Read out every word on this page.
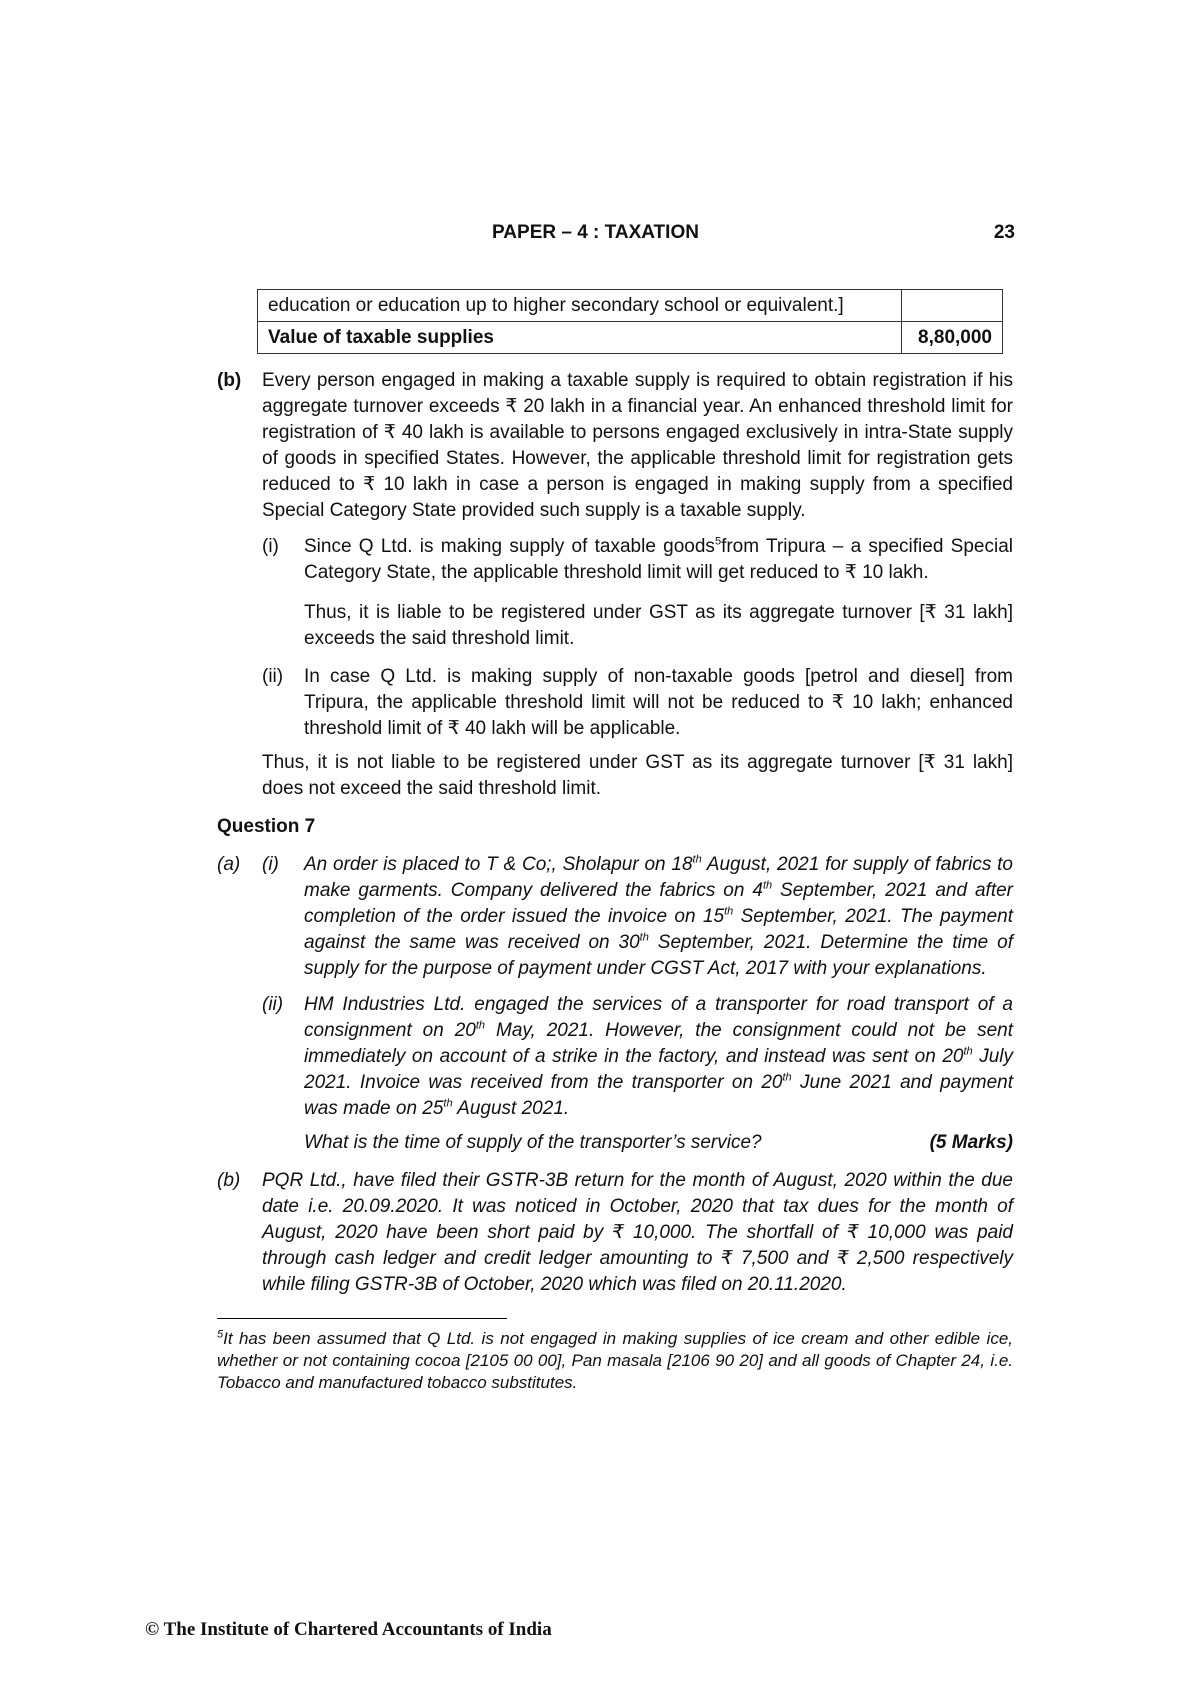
PAPER – 4 : TAXATION	23
education or education up to higher secondary school or equivalent.]	
Value of taxable supplies	8,80,000
(b) Every person engaged in making a taxable supply is required to obtain registration if his aggregate turnover exceeds ₹ 20 lakh in a financial year. An enhanced threshold limit for registration of ₹ 40 lakh is available to persons engaged exclusively in intra-State supply of goods in specified States. However, the applicable threshold limit for registration gets reduced to ₹ 10 lakh in case a person is engaged in making supply from a specified Special Category State provided such supply is a taxable supply.
(i) Since Q Ltd. is making supply of taxable goods$^5$from Tripura – a specified Special Category State, the applicable threshold limit will get reduced to ₹ 10 lakh.
Thus, it is liable to be registered under GST as its aggregate turnover [₹ 31 lakh] exceeds the said threshold limit.
(ii) In case Q Ltd. is making supply of non-taxable goods [petrol and diesel] from Tripura, the applicable threshold limit will not be reduced to ₹ 10 lakh; enhanced threshold limit of ₹ 40 lakh will be applicable.
Thus, it is not liable to be registered under GST as its aggregate turnover [₹ 31 lakh] does not exceed the said threshold limit.
Question 7
(a) (i) An order is placed to T & Co;, Sholapur on 18th August, 2021 for supply of fabrics to make garments. Company delivered the fabrics on 4th September, 2021 and after completion of the order issued the invoice on 15th September, 2021. The payment against the same was received on 30th September, 2021. Determine the time of supply for the purpose of payment under CGST Act, 2017 with your explanations.
(ii) HM Industries Ltd. engaged the services of a transporter for road transport of a consignment on 20th May, 2021. However, the consignment could not be sent immediately on account of a strike in the factory, and instead was sent on 20th July 2021. Invoice was received from the transporter on 20th June 2021 and payment was made on 25th August 2021.
What is the time of supply of the transporter’s service?	(5 Marks)
(b) PQR Ltd., have filed their GSTR-3B return for the month of August, 2020 within the due date i.e. 20.09.2020. It was noticed in October, 2020 that tax dues for the month of August, 2020 have been short paid by ₹ 10,000. The shortfall of ₹ 10,000 was paid through cash ledger and credit ledger amounting to ₹ 7,500 and ₹ 2,500 respectively while filing GSTR-3B of October, 2020 which was filed on 20.11.2020.
$^5$It has been assumed that Q Ltd. is not engaged in making supplies of ice cream and other edible ice, whether or not containing cocoa [2105 00 00], Pan masala [2106 90 20] and all goods of Chapter 24, i.e. Tobacco and manufactured tobacco substitutes.
© The Institute of Chartered Accountants of India
